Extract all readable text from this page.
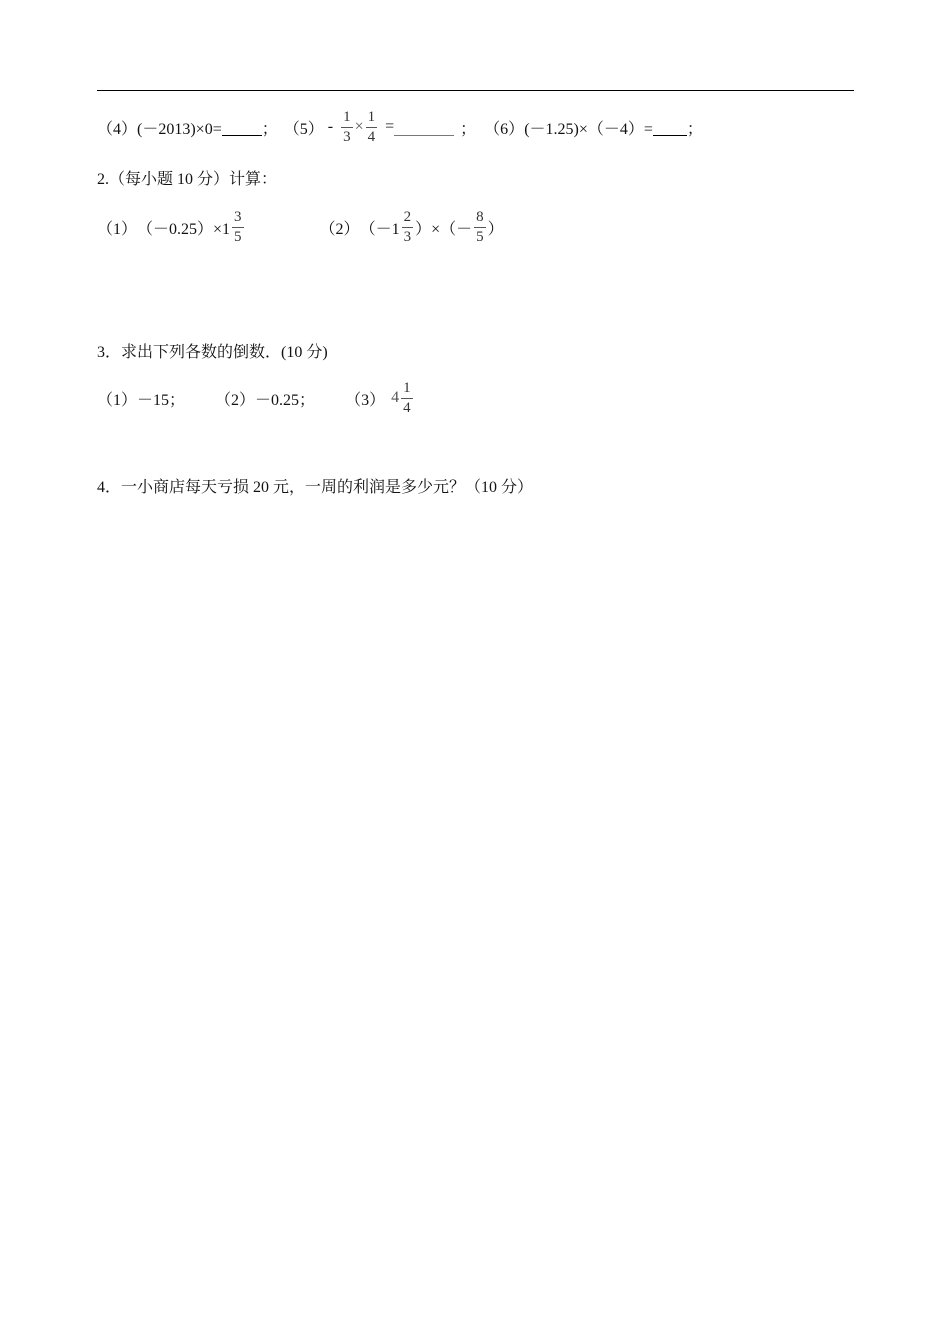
（4） (－2013)×0=	； $(5) - \frac{1}{3} \times \frac{1}{4}$ =	； （6） (－1.25)×（－4）= ；
2.（每小题 10 分）计算：
（1） $(-0.25)\times 1 \frac{3}{5}$	（2） （$-1 \frac{2}{3}$ ）×（－ $\frac{8}{5}$ ）
3．求出下列各数的倒数．(10 分)
（1） －15； （2） －0.25； （3） $4 \frac{1}{4}$
4．一小商店每天亏损 20 元，一周的利润是多少元？（10 分）
